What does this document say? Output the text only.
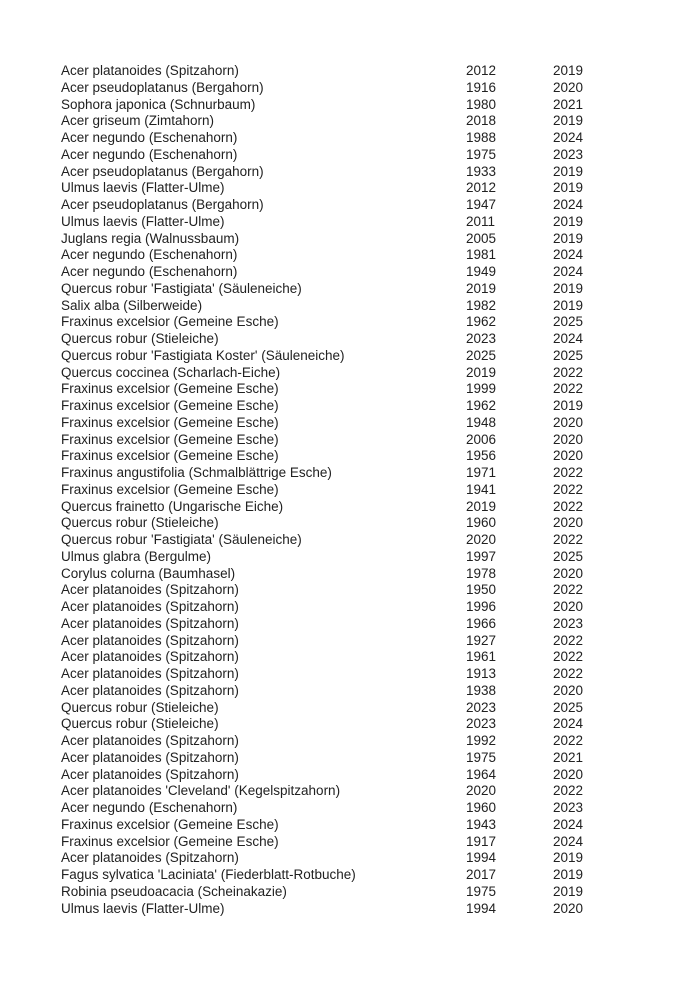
Acer platanoides (Spitzahorn)	2012	2019
Acer pseudoplatanus (Bergahorn)	1916	2020
Sophora japonica (Schnurbaum)	1980	2021
Acer griseum (Zimtahorn)	2018	2019
Acer negundo (Eschenahorn)	1988	2024
Acer negundo (Eschenahorn)	1975	2023
Acer pseudoplatanus (Bergahorn)	1933	2019
Ulmus laevis (Flatter-Ulme)	2012	2019
Acer pseudoplatanus (Bergahorn)	1947	2024
Ulmus laevis (Flatter-Ulme)	2011	2019
Juglans regia (Walnussbaum)	2005	2019
Acer negundo (Eschenahorn)	1981	2024
Acer negundo (Eschenahorn)	1949	2024
Quercus robur 'Fastigiata' (Säuleneiche)	2019	2019
Salix alba (Silberweide)	1982	2019
Fraxinus excelsior (Gemeine Esche)	1962	2025
Quercus robur (Stieleiche)	2023	2024
Quercus robur 'Fastigiata Koster' (Säuleneiche)	2025	2025
Quercus coccinea (Scharlach-Eiche)	2019	2022
Fraxinus excelsior (Gemeine Esche)	1999	2022
Fraxinus excelsior (Gemeine Esche)	1962	2019
Fraxinus excelsior (Gemeine Esche)	1948	2020
Fraxinus excelsior (Gemeine Esche)	2006	2020
Fraxinus excelsior (Gemeine Esche)	1956	2020
Fraxinus angustifolia (Schmalblättrige Esche)	1971	2022
Fraxinus excelsior (Gemeine Esche)	1941	2022
Quercus frainetto (Ungarische Eiche)	2019	2022
Quercus robur (Stieleiche)	1960	2020
Quercus robur 'Fastigiata' (Säuleneiche)	2020	2022
Ulmus glabra (Bergulme)	1997	2025
Corylus colurna (Baumhasel)	1978	2020
Acer platanoides (Spitzahorn)	1950	2022
Acer platanoides (Spitzahorn)	1996	2020
Acer platanoides (Spitzahorn)	1966	2023
Acer platanoides (Spitzahorn)	1927	2022
Acer platanoides (Spitzahorn)	1961	2022
Acer platanoides (Spitzahorn)	1913	2022
Acer platanoides (Spitzahorn)	1938	2020
Quercus robur (Stieleiche)	2023	2025
Quercus robur (Stieleiche)	2023	2024
Acer platanoides (Spitzahorn)	1992	2022
Acer platanoides (Spitzahorn)	1975	2021
Acer platanoides (Spitzahorn)	1964	2020
Acer platanoides 'Cleveland' (Kegelspitzahorn)	2020	2022
Acer negundo (Eschenahorn)	1960	2023
Fraxinus excelsior (Gemeine Esche)	1943	2024
Fraxinus excelsior (Gemeine Esche)	1917	2024
Acer platanoides (Spitzahorn)	1994	2019
Fagus sylvatica 'Laciniata' (Fiederblatt-Rotbuche)	2017	2019
Robinia pseudoacacia (Scheinakazie)	1975	2019
Ulmus laevis (Flatter-Ulme)	1994	2020
